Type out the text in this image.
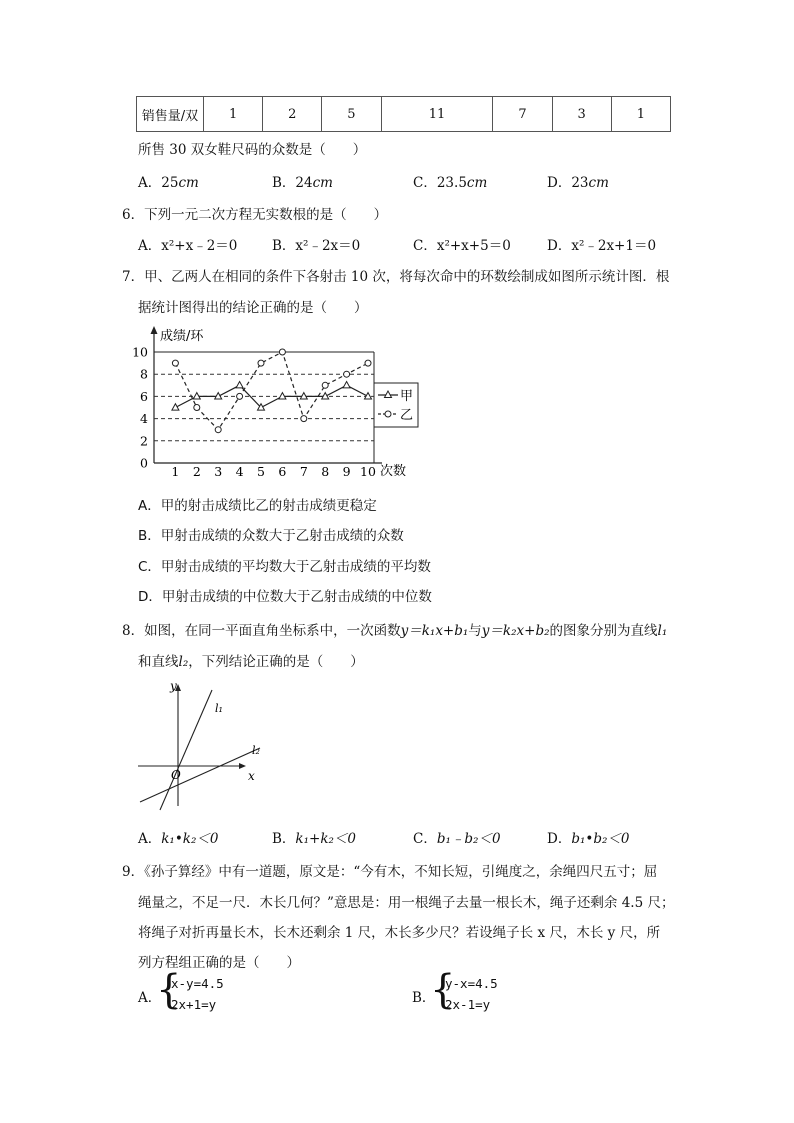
销售量/双	1	2	5	11	7	3	1
所售 30 双女鞋尺码的众数是（　　）
A．25cm	B．24cm	C．23.5cm	D．23cm
6．下列一元二次方程无实数根的是（　　）
A．x²+x﹣2＝0	B．x²﹣2x＝0	C．x²+x+5＝0	D．x²﹣2x+1＝0
7．甲、乙两人在相同的条件下各射击 10 次，将每次命中的环数绘制成如图所示统计图．根
据统计图得出的结论正确的是（　　）
甲
乙
成绩/环
次数
0
2
4
6
8
10
1 2 3 4 5 6 7 8 9 10
A．甲的射击成绩比乙的射击成绩更稳定
B．甲射击成绩的众数大于乙射击成绩的众数
C．甲射击成绩的平均数大于乙射击成绩的平均数
D．甲射击成绩的中位数大于乙射击成绩的中位数
8．如图，在同一平面直角坐标系中，一次函数y＝k₁x+b₁与y＝k₂x+b₂的图象分别为直线l₁
和直线l₂，下列结论正确的是（　　）
y
x
O
l₁
l₂
A．k₁•k₂＜0	B．k₁+k₂＜0	C．b₁﹣b₂＜0	D．b₁•b₂＜0
9．《孙子算经》中有一道题，原文是：“今有木，不知长短，引绳度之，余绳四尺五寸；屈
绳量之，不足一尺．木长几何？”意思是：用一根绳子去量一根长木，绳子还剩余 4.5 尺；
将绳子对折再量长木，长木还剩余 1 尺，木长多少尺？若设绳子长 x 尺，木长 y 尺，所
列方程组正确的是（　　）
A．
{
x-y=4.5
2x+1=y	B．
{
y-x=4.5
2x-1=y
